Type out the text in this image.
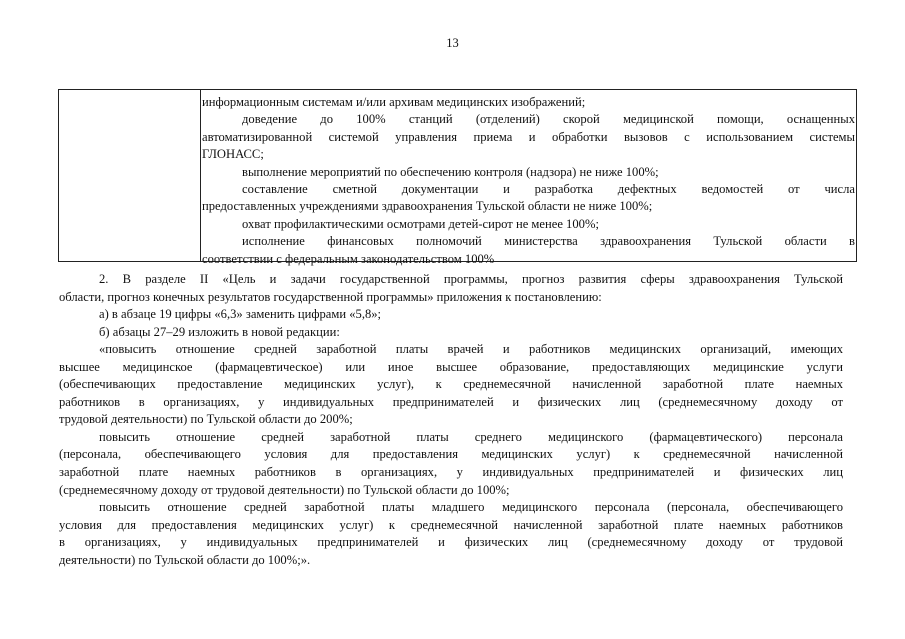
13
информационным системам и/или архивам медицинских изображений;
доведение до 100% станций (отделений) скорой медицинской помощи, оснащенных
автоматизированной системой управления приема и обработки вызовов с использованием системы
ГЛОНАСС;
выполнение мероприятий по обеспечению контроля (надзора) не ниже 100%;
составление сметной документации и разработка дефектных ведомостей от числа
предоставленных учреждениями здравоохранения Тульской области не ниже 100%;
охват профилактическими осмотрами детей-сирот не менее 100%;
исполнение финансовых полномочий министерства здравоохранения Тульской области в
соответствии с федеральным законодательством 100%
2. В разделе II «Цель и задачи государственной программы, прогноз развития сферы здравоохранения Тульской
области, прогноз конечных результатов государственной программы» приложения к постановлению:
а) в абзаце 19 цифры «6,3» заменить цифрами «5,8»;
б) абзацы 27–29 изложить в новой редакции:
«повысить отношение средней заработной платы врачей и работников медицинских организаций, имеющих
высшее медицинское (фармацевтическое) или иное высшее образование, предоставляющих медицинские услуги
(обеспечивающих предоставление медицинских услуг), к среднемесячной начисленной заработной плате наемных
работников в организациях, у индивидуальных предпринимателей и физических лиц (среднемесячному доходу от
трудовой деятельности) по Тульской области до 200%;
повысить отношение средней заработной платы среднего медицинского (фармацевтического) персонала
(персонала, обеспечивающего условия для предоставления медицинских услуг) к среднемесячной начисленной
заработной плате наемных работников в организациях, у индивидуальных предпринимателей и физических лиц
(среднемесячному доходу от трудовой деятельности) по Тульской области до 100%;
повысить отношение средней заработной платы младшего медицинского персонала (персонала, обеспечивающего
условия для предоставления медицинских услуг) к среднемесячной начисленной заработной плате наемных работников
в организациях, у индивидуальных предпринимателей и физических лиц (среднемесячному доходу от трудовой
деятельности) по Тульской области до 100%;».
